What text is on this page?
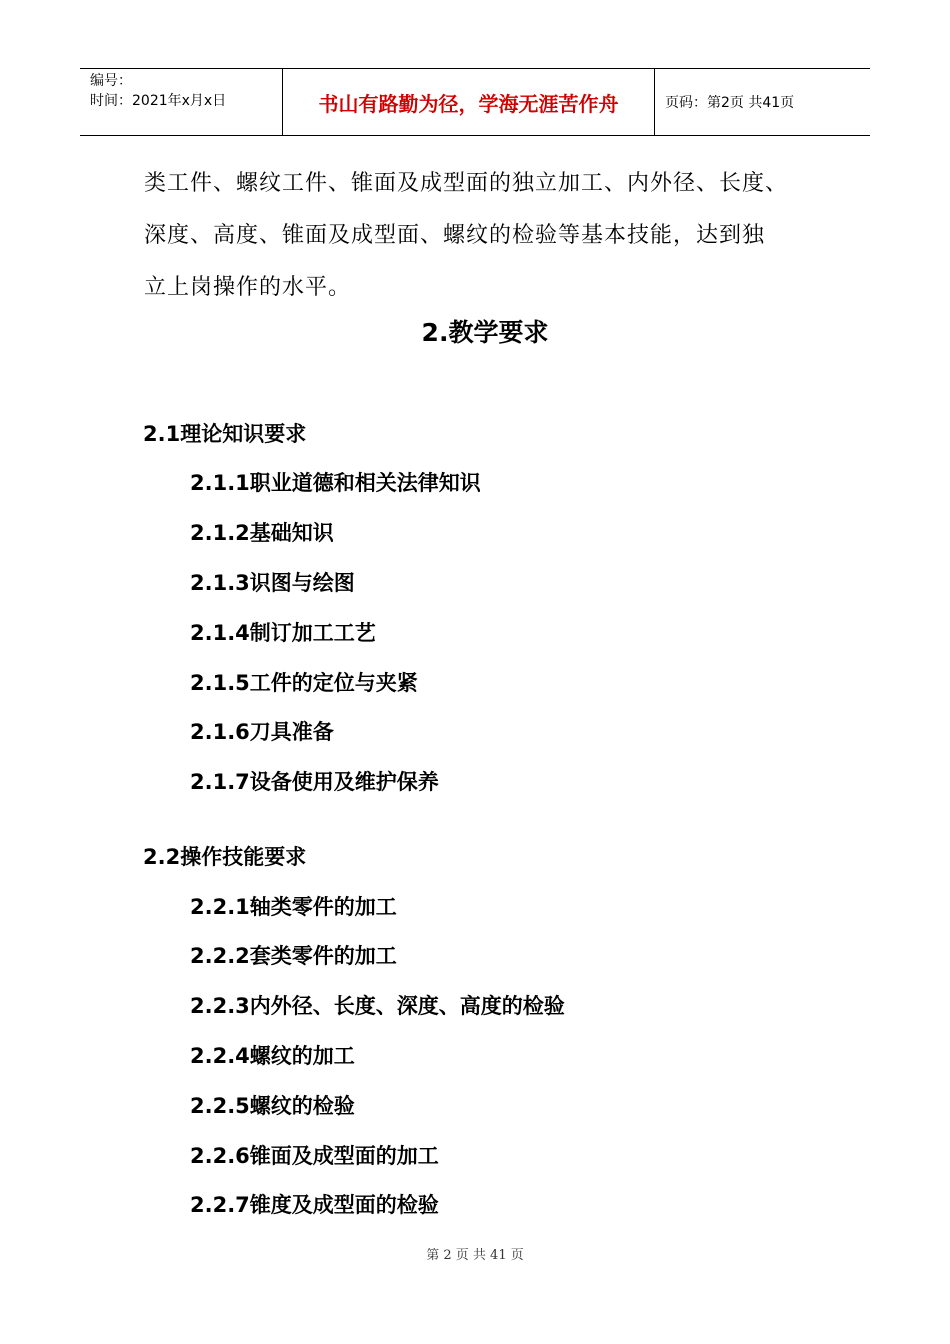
编号：
时间：2021年x月x日	书山有路勤为径，学海无涯苦作舟	页码：第2页 共41页
类工件、螺纹工件、锥面及成型面的独立加工、内外径、长度、
深度、高度、锥面及成型面、螺纹的检验等基本技能，达到独
立上岗操作的水平。
2.教学要求
2.1理论知识要求
2.1.1职业道德和相关法律知识
2.1.2基础知识
2.1.3识图与绘图
2.1.4制订加工工艺
2.1.5工件的定位与夹紧
2.1.6刀具准备
2.1.7设备使用及维护保养
2.2操作技能要求
2.2.1轴类零件的加工
2.2.2套类零件的加工
2.2.3内外径、长度、深度、高度的检验
2.2.4螺纹的加工
2.2.5螺纹的检验
2.2.6锥面及成型面的加工
2.2.7锥度及成型面的检验
第 2 页 共 41 页
